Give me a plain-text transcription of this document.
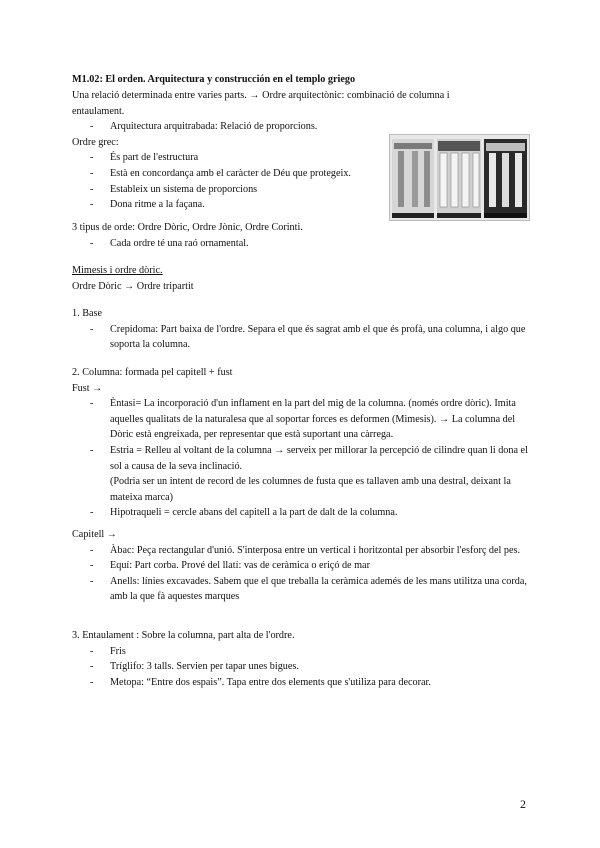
M1.02: El orden. Arquitectura y construcción en el templo griego
Una relació determinada entre varies parts. → Ordre arquitectònic: combinació de columna i
entaulament.
- Arquitectura arquitrabada: Relació de proporcions.
Ordre grec:
- És part de l'estructura
- Està en concordança amb el caràcter de Déu que protegeix.
- Estableix un sistema de proporcions
- Dona ritme a la façana.
3 tipus de orde: Ordre Dòric, Ordre Jònic, Ordre Corinti.
- Cada ordre té una raó ornamental.
Mimesis i ordre dòric.
Ordre Dòric → Ordre tripartit
1. Base
- Crepidoma: Part baixa de l'ordre. Separa el que és sagrat amb el que és profà, una columna, i algo que soporta la columna.
2. Columna: formada pel capitell + fust
Fust →
- Èntasi= La incorporació d'un inflament en la part del mig de la columna. (només ordre dòric). Imita aquelles qualitats de la naturalesa que al soportar forces es deformen (Mimesis). → La columna del Dòric està engreixada, per representar que està suportant una càrrega.
- Estria = Relleu al voltant de la columna → serveix per millorar la percepció de cilindre quan li dona el sol a causa de la seva inclinació.
(Podria ser un intent de record de les columnes de fusta que es tallaven amb una destral, deixant la mateixa marca)
- Hipotraqueli = cercle abans del capitell a la part de dalt de la columna.
Capitell →
- Àbac: Peça rectangular d'unió. S'interposa entre un vertical i horitzontal per absorbir l'esforç del pes.
- Equí: Part corba. Prové del llatí: vas de ceràmica o eriçó de mar
- Anells: línies excavades. Sabem que el que treballa la ceràmica ademés de les mans utilitza una corda, amb la que fà aquestes marques
3. Entaulament : Sobre la columna, part alta de l'ordre.
- Fris
- Tríglifo: 3 talls. Servien per tapar unes bigues.
- Metopa: “Entre dos espais”. Tapa entre dos elements que s'utiliza para decorar.
2
